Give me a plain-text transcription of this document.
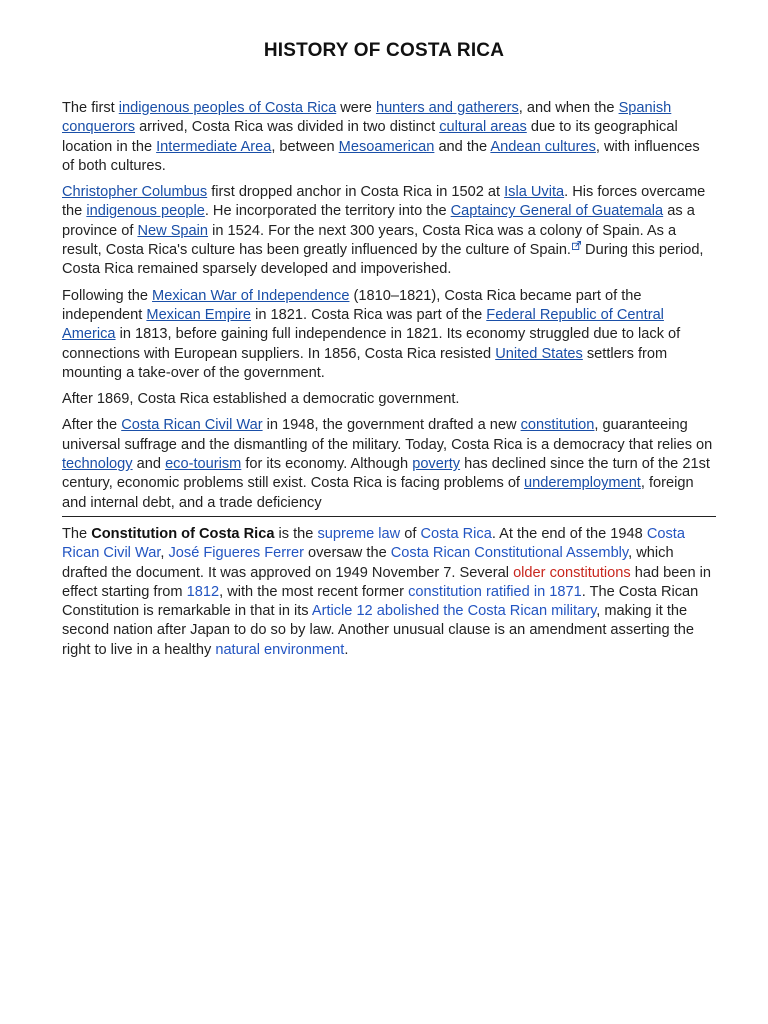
HISTORY OF COSTA RICA

The first indigenous peoples of Costa Rica were hunters and gatherers, and when the Spanish conquerors arrived, Costa Rica was divided in two distinct cultural areas due to its geographical location in the Intermediate Area, between Mesoamerican and the Andean cultures, with influences of both cultures.

Christopher Columbus first dropped anchor in Costa Rica in 1502 at Isla Uvita. His forces overcame the indigenous people. He incorporated the territory into the Captaincy General of Guatemala as a province of New Spain in 1524. For the next 300 years, Costa Rica was a colony of Spain. As a result, Costa Rica's culture has been greatly influenced by the culture of Spain. During this period, Costa Rica remained sparsely developed and impoverished.

Following the Mexican War of Independence (1810–1821), Costa Rica became part of the independent Mexican Empire in 1821. Costa Rica was part of the Federal Republic of Central America in 1813, before gaining full independence in 1821. Its economy struggled due to lack of connections with European suppliers. In 1856, Costa Rica resisted United States settlers from mounting a take-over of the government.

After 1869, Costa Rica established a democratic government.

After the Costa Rican Civil War in 1948, the government drafted a new constitution, guaranteeing universal suffrage and the dismantling of the military. Today, Costa Rica is a democracy that relies on technology and eco-tourism for its economy. Although poverty has declined since the turn of the 21st century, economic problems still exist. Costa Rica is facing problems of underemployment, foreign and internal debt, and a trade deficiency

The Constitution of Costa Rica is the supreme law of Costa Rica. At the end of the 1948 Costa Rican Civil War, José Figueres Ferrer oversaw the Costa Rican Constitutional Assembly, which drafted the document. It was approved on 1949 November 7. Several older constitutions had been in effect starting from 1812, with the most recent former constitution ratified in 1871. The Costa Rican Constitution is remarkable in that in its Article 12 abolished the Costa Rican military, making it the second nation after Japan to do so by law. Another unusual clause is an amendment asserting the right to live in a healthy natural environment.
